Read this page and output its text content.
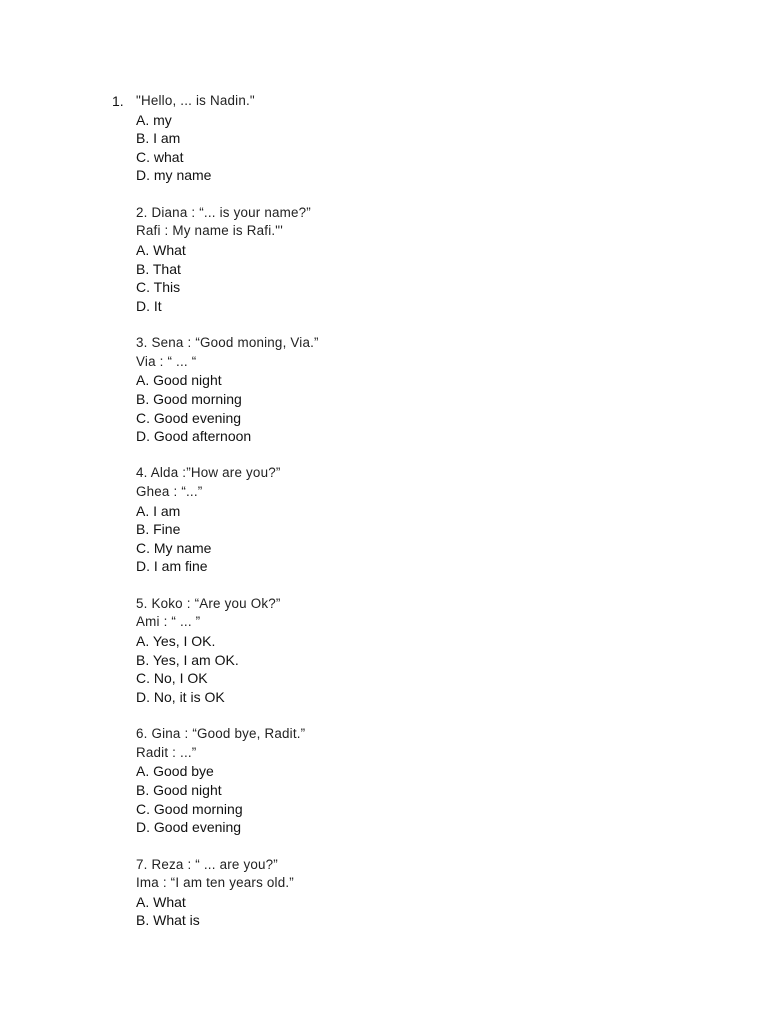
1. "Hello, ... is Nadin."
A. my
B. I am
C. what
D. my name
2. Diana : “... is your name?”
Rafi : My name is Rafi."'
A. What
B. That
C. This
D. It
3. Sena : “Good moning, Via.”
Via : “ ... “
A. Good night
B. Good morning
C. Good evening
D. Good afternoon
4. Alda :”How are you?”
Ghea : “...”
A. I am
B. Fine
C. My name
D. I am fine
5. Koko : “Are you Ok?”
Ami : “ ... ”
A. Yes, I OK.
B. Yes, I am OK.
C. No, I OK
D. No, it is OK
6. Gina : “Good bye, Radit.”
Radit : ...”
A. Good bye
B. Good night
C. Good morning
D. Good evening
7. Reza : “ ... are you?”
Ima : “I am ten years old.”
A. What
B. What is
